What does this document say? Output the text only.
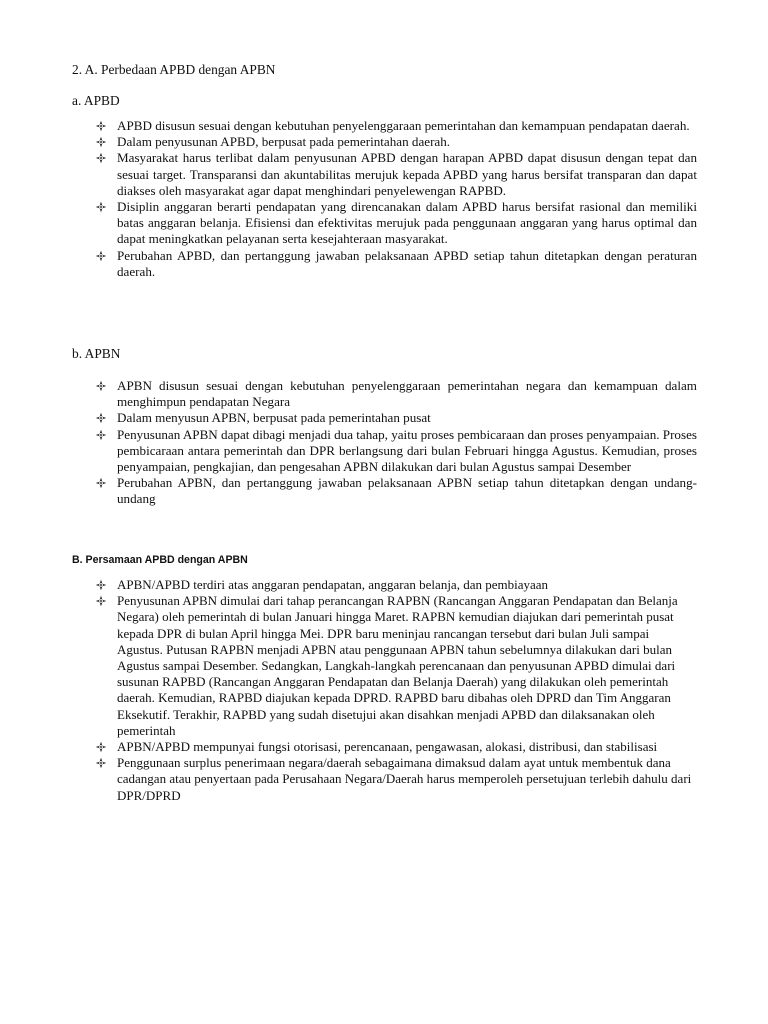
2. A. Perbedaan APBD dengan APBN
a. APBD
APBD disusun sesuai dengan kebutuhan penyelenggaraan pemerintahan dan kemampuan pendapatan daerah.
Dalam penyusunan APBD, berpusat pada pemerintahan daerah.
Masyarakat harus terlibat dalam penyusunan APBD dengan harapan APBD dapat disusun dengan tepat dan sesuai target. Transparansi dan akuntabilitas merujuk kepada APBD yang harus bersifat transparan dan dapat diakses oleh masyarakat agar dapat menghindari penyelewengan RAPBD.
Disiplin anggaran berarti pendapatan yang direncanakan dalam APBD harus bersifat rasional dan memiliki batas anggaran belanja. Efisiensi dan efektivitas merujuk pada penggunaan anggaran yang harus optimal dan dapat meningkatkan pelayanan serta kesejahteraan masyarakat.
Perubahan APBD, dan pertanggung jawaban pelaksanaan APBD setiap tahun ditetapkan dengan peraturan daerah.
b. APBN
APBN disusun sesuai dengan kebutuhan penyelenggaraan pemerintahan negara dan kemampuan dalam menghimpun pendapatan Negara
Dalam menyusun APBN, berpusat pada pemerintahan pusat
Penyusunan APBN dapat dibagi menjadi dua tahap, yaitu proses pembicaraan dan proses penyampaian. Proses pembicaraan antara pemerintah dan DPR berlangsung dari bulan Februari hingga Agustus. Kemudian, proses penyampaian, pengkajian, dan pengesahan APBN dilakukan dari bulan Agustus sampai Desember
Perubahan APBN, dan pertanggung jawaban pelaksanaan APBN setiap tahun ditetapkan dengan undang-undang
B. Persamaan APBD dengan APBN
APBN/APBD terdiri atas anggaran pendapatan, anggaran belanja, dan pembiayaan
Penyusunan APBN dimulai dari tahap perancangan RAPBN (Rancangan Anggaran Pendapatan dan Belanja Negara) oleh pemerintah di bulan Januari hingga Maret. RAPBN kemudian diajukan dari pemerintah pusat kepada DPR di bulan April hingga Mei. DPR baru meninjau rancangan tersebut dari bulan Juli sampai Agustus. Putusan RAPBN menjadi APBN atau penggunaan APBN tahun sebelumnya dilakukan dari bulan Agustus sampai Desember. Sedangkan, Langkah-langkah perencanaan dan penyusunan APBD dimulai dari susunan RAPBD (Rancangan Anggaran Pendapatan dan Belanja Daerah) yang dilakukan oleh pemerintah daerah. Kemudian, RAPBD diajukan kepada DPRD. RAPBD baru dibahas oleh DPRD dan Tim Anggaran Eksekutif. Terakhir, RAPBD yang sudah disetujui akan disahkan menjadi APBD dan dilaksanakan oleh pemerintah
APBN/APBD mempunyai fungsi otorisasi, perencanaan, pengawasan, alokasi, distribusi, dan stabilisasi
Penggunaan surplus penerimaan negara/daerah sebagaimana dimaksud dalam ayat untuk membentuk dana cadangan atau penyertaan pada Perusahaan Negara/Daerah harus memperoleh persetujuan terlebih dahulu dari DPR/DPRD
